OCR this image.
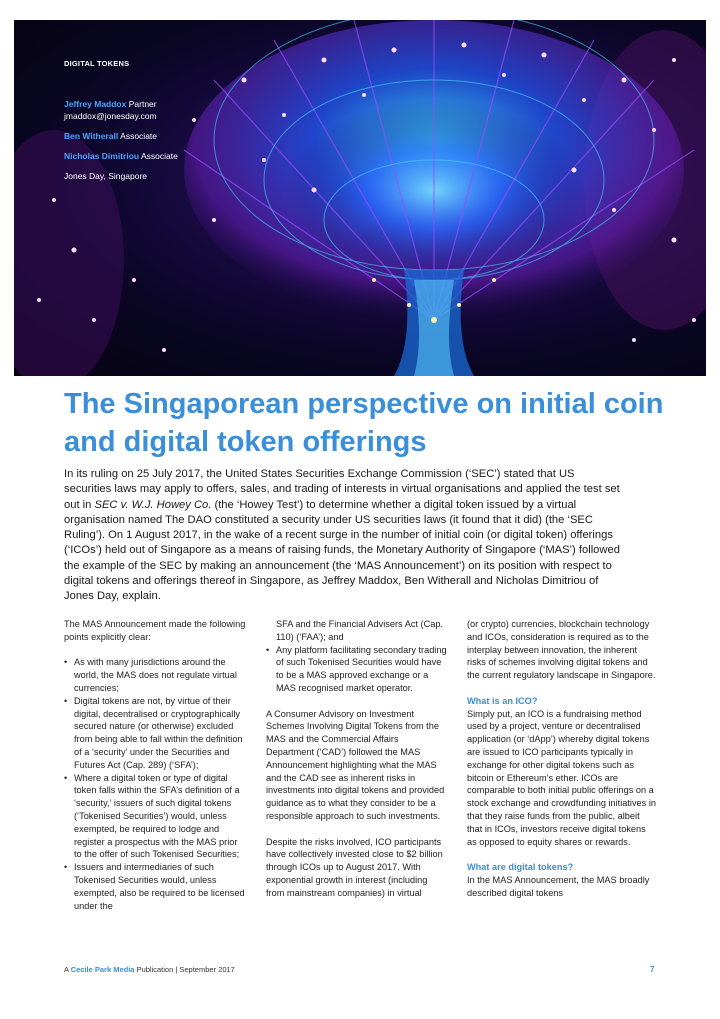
DIGITAL TOKENS

Jeffrey Maddox Partner

jmaddox@jonesday.com

Ben Witherall Associate

Nicholas Dimitriou Associate

Jones Day, Singapore

The Singaporean perspective on initial coin and digital token offerings

In its ruling on 25 July 2017, the United States Securities Exchange Commission (‘SEC’) stated that US securities laws may apply to offers, sales, and trading of interests in virtual organisations and applied the test set out in SEC v. W.J. Howey Co. (the ‘Howey Test’) to determine whether a digital token issued by a virtual organisation named The DAO constituted a security under US securities laws (it found that it did) (the ‘SEC Ruling’). On 1 August 2017, in the wake of a recent surge in the number of initial coin (or digital token) offerings (‘ICOs’) held out of Singapore as a means of raising funds, the Monetary Authority of Singapore (‘MAS’) followed the example of the SEC by making an announcement (the ‘MAS Announcement’) on its position with respect to digital tokens and offerings thereof in Singapore, as Jeffrey Maddox, Ben Witherall and Nicholas Dimitriou of Jones Day, explain.

The MAS Announcement made the following points explicitly clear:

• As with many jurisdictions around the world, the MAS does not regulate virtual currencies;
• Digital tokens are not, by virtue of their digital, decentralised or cryptographically secured nature (or otherwise) excluded from being able to fall within the definition of a ‘security’ under the Securities and Futures Act (Cap. 289) (‘SFA’);
• Where a digital token or type of digital token falls within the SFA’s definition of a ‘security,’ issuers of such digital tokens (‘Tokenised Securities’) would, unless exempted, be required to lodge and register a prospectus with the MAS prior to the offer of such Tokenised Securities;
• Issuers and intermediaries of such Tokenised Securities would, unless exempted, also be required to be licensed under the
SFA and the Financial Advisers Act (Cap. 110) (‘FAA’); and
• Any platform facilitating secondary trading of such Tokenised Securities would have to be a MAS approved exchange or a MAS recognised market operator.

A Consumer Advisory on Investment Schemes Involving Digital Tokens from the MAS and the Commercial Affairs Department (‘CAD’) followed the MAS Announcement highlighting what the MAS and the CAD see as inherent risks in investments into digital tokens and provided guidance as to what they consider to be a responsible approach to such investments.

Despite the risks involved, ICO participants have collectively invested close to $2 billion through ICOs up to August 2017. With exponential growth in interest (including from mainstream companies) in virtual

(or crypto) currencies, blockchain technology and ICOs, consideration is required as to the interplay between innovation, the inherent risks of schemes involving digital tokens and the current regulatory landscape in Singapore.

What is an ICO?

Simply put, an ICO is a fundraising method used by a project, venture or decentralised application (or ‘dApp’) whereby digital tokens are issued to ICO participants typically in exchange for other digital tokens such as bitcoin or Ethereum’s ether. ICOs are comparable to both initial public offerings on a stock exchange and crowdfunding initiatives in that they raise funds from the public, albeit that in ICOs, investors receive digital tokens as opposed to equity shares or rewards.

What are digital tokens?

In the MAS Announcement, the MAS broadly described digital tokens

A Cecile Park Media Publication | September 2017	7
